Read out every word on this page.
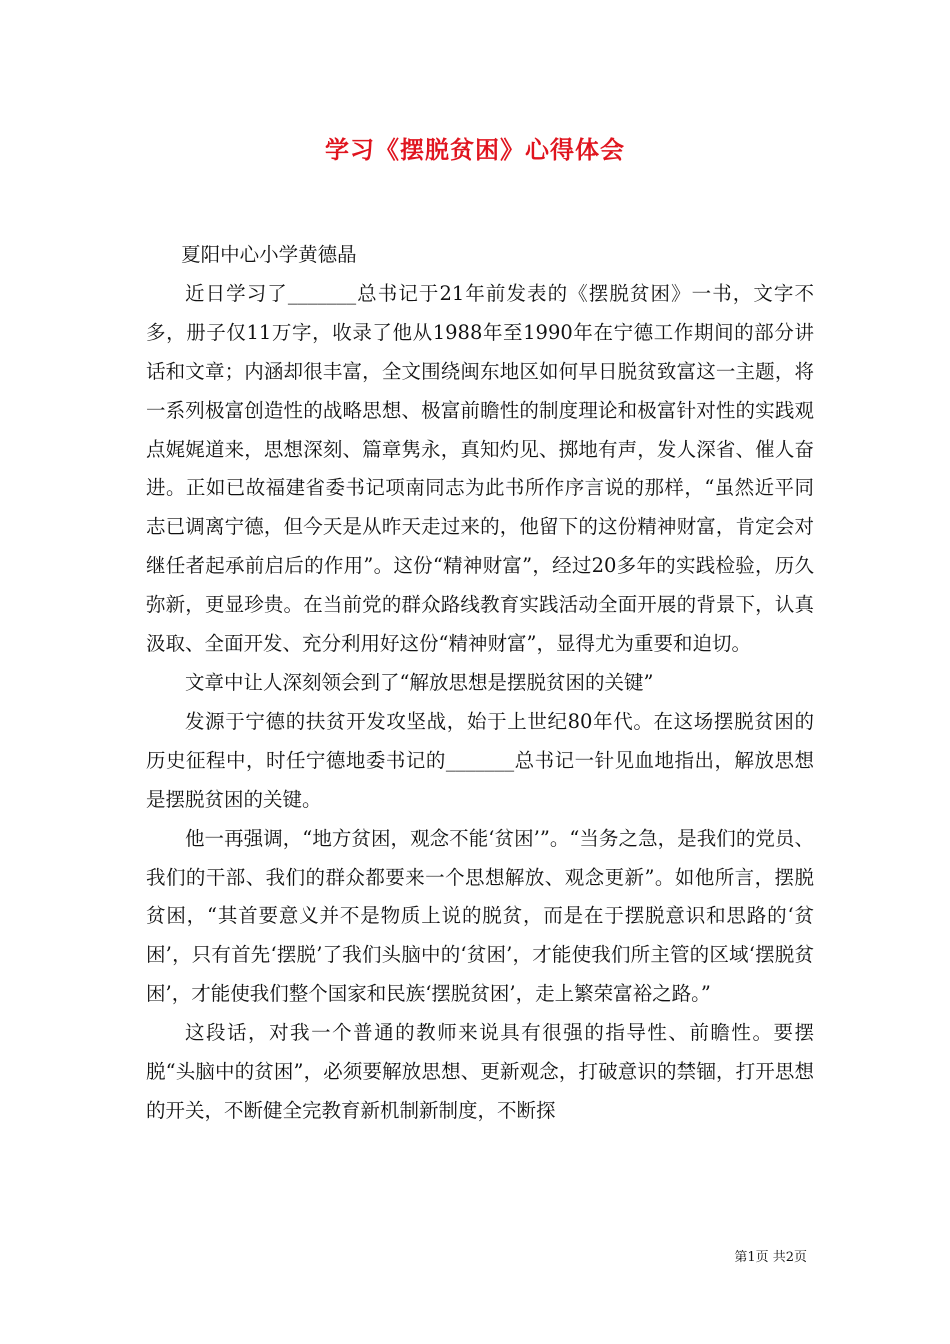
学习《摆脱贫困》心得体会

夏阳中心小学黄德晶

近日学习了_______总书记于21年前发表的《摆脱贫困》一书，文字不多，册子仅11万字，收录了他从1988年至1990年在宁德工作期间的部分讲话和文章；内涵却很丰富，全文围绕闽东地区如何早日脱贫致富这一主题，将一系列极富创造性的战略思想、极富前瞻性的制度理论和极富针对性的实践观点娓娓道来，思想深刻、篇章隽永，真知灼见、掷地有声，发人深省、催人奋进。正如已故福建省委书记项南同志为此书所作序言说的那样，“虽然近平同志已调离宁德，但今天是从昨天走过来的，他留下的这份精神财富，肯定会对继任者起承前启后的作用”。这份“精神财富”，经过20多年的实践检验，历久弥新，更显珍贵。在当前党的群众路线教育实践活动全面开展的背景下，认真汲取、全面开发、充分利用好这份“精神财富”，显得尤为重要和迫切。

文章中让人深刻领会到了“解放思想是摆脱贫困的关键”

发源于宁德的扶贫开发攻坚战，始于上世纪80年代。在这场摆脱贫困的历史征程中，时任宁德地委书记的_______总书记一针见血地指出，解放思想是摆脱贫困的关键。

他一再强调，“地方贫困，观念不能‘贫困’”。“当务之急，是我们的党员、我们的干部、我们的群众都要来一个思想解放、观念更新”。如他所言，摆脱贫困，“其首要意义并不是物质上说的脱贫，而是在于摆脱意识和思路的‘贫困’，只有首先‘摆脱’了我们头脑中的‘贫困’，才能使我们所主管的区域‘摆脱贫困’，才能使我们整个国家和民族‘摆脱贫困’，走上繁荣富裕之路。”

这段话，对我一个普通的教师来说具有很强的指导性、前瞻性。要摆脱“头脑中的贫困”，必须要解放思想、更新观念，打破意识的禁锢，打开思想的开关，不断健全完教育新机制新制度，不断探

第1页 共2页
